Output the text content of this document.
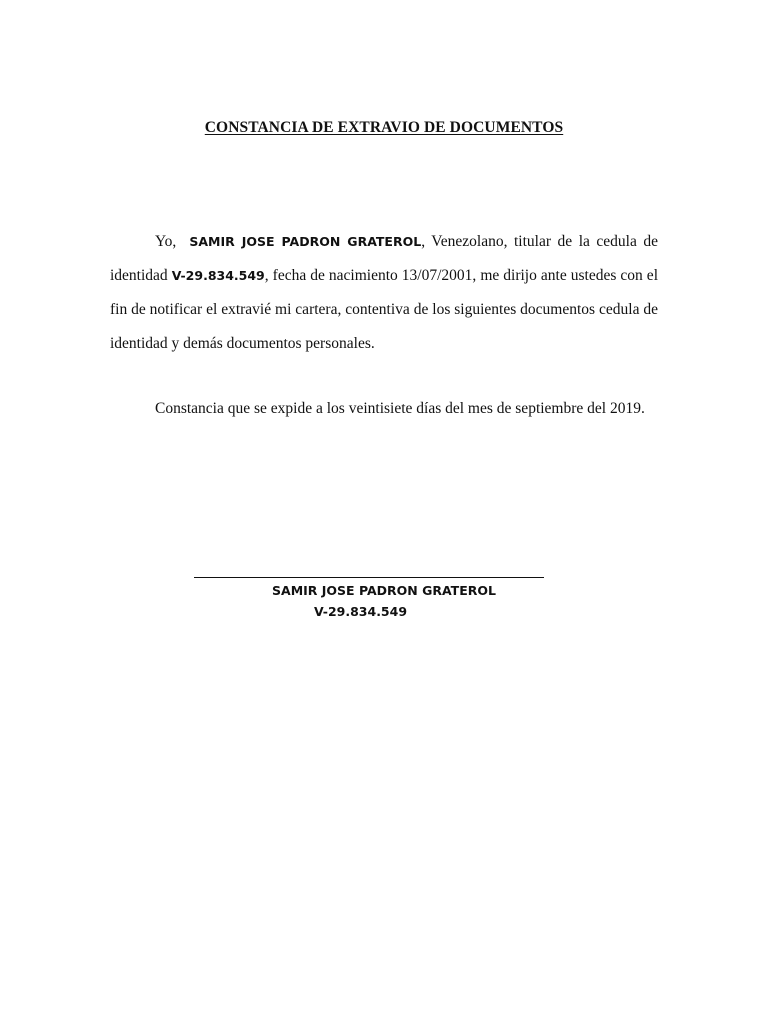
CONSTANCIA DE EXTRAVIO DE DOCUMENTOS
Yo, SAMIR JOSE PADRON GRATEROL, Venezolano, titular de la cedula de identidad V-29.834.549, fecha de nacimiento 13/07/2001, me dirijo ante ustedes con el fin de notificar el extravié mi cartera, contentiva de los siguientes documentos cedula de identidad y demás documentos personales.
Constancia que se expide a los veintisiete días del mes de septiembre del 2019.
SAMIR JOSE PADRON GRATEROL
V-29.834.549
